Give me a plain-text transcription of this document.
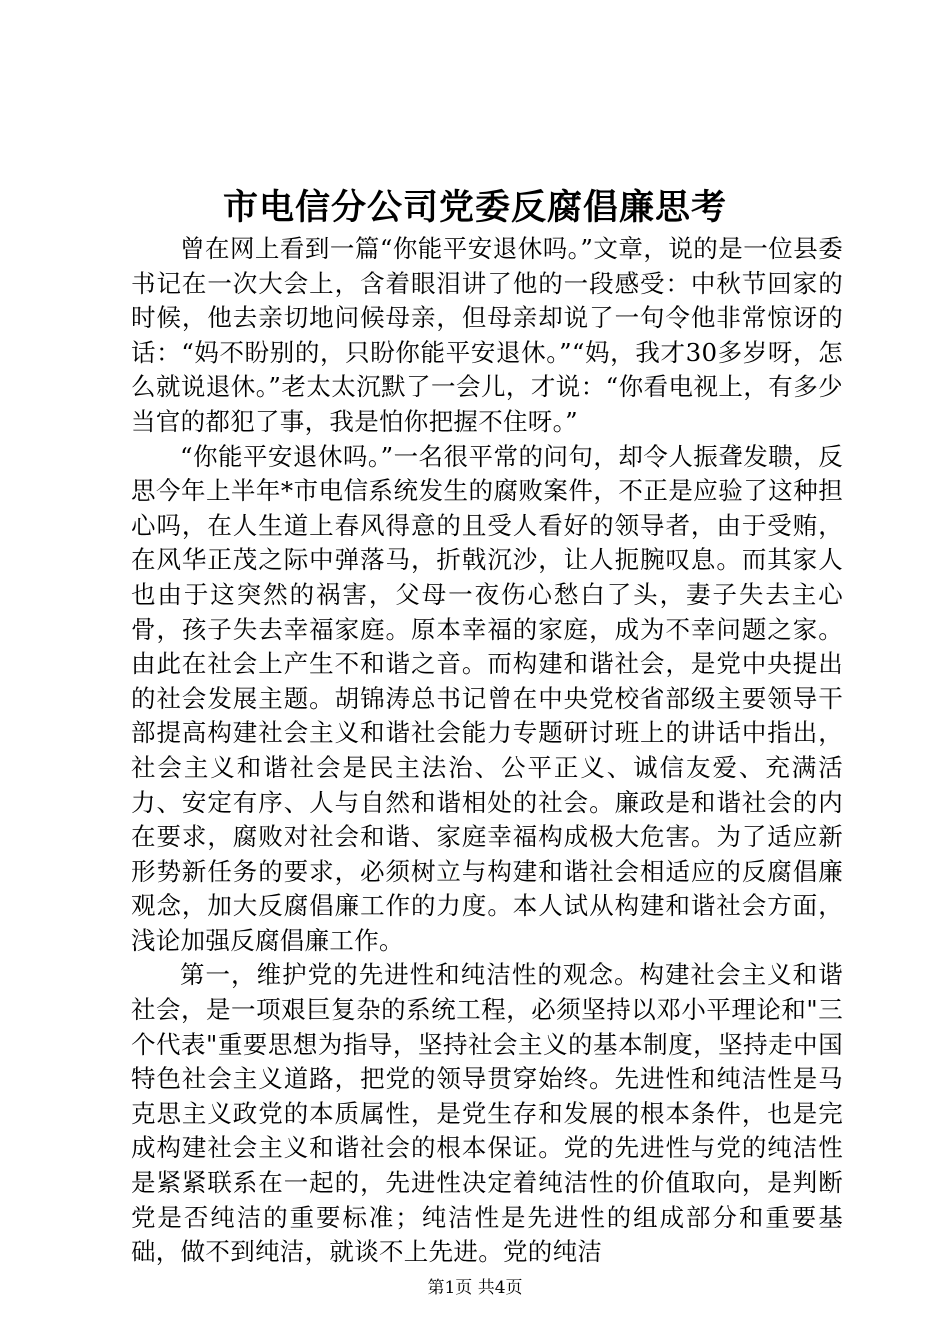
市电信分公司党委反腐倡廉思考

曾在网上看到一篇“你能平安退休吗。”文章，说的是一位县委书记在一次大会上，含着眼泪讲了他的一段感受：中秋节回家的时候，他去亲切地问候母亲，但母亲却说了一句令他非常惊讶的话：“妈不盼别的，只盼你能平安退休。”“妈，我才30多岁呀，怎么就说退休。”老太太沉默了一会儿，才说：“你看电视上，有多少当官的都犯了事，我是怕你把握不住呀。”

“你能平安退休吗。”一名很平常的问句，却令人振聋发聩，反思今年上半年*市电信系统发生的腐败案件，不正是应验了这种担心吗，在人生道上春风得意的且受人看好的领导者，由于受贿，在风华正茂之际中弹落马，折戟沉沙，让人扼腕叹息。而其家人也由于这突然的祸害，父母一夜伤心愁白了头，妻子失去主心骨，孩子失去幸福家庭。原本幸福的家庭，成为不幸问题之家。由此在社会上产生不和谐之音。而构建和谐社会，是党中央提出的社会发展主题。胡锦涛总书记曾在中央党校省部级主要领导干部提高构建社会主义和谐社会能力专题研讨班上的讲话中指出，社会主义和谐社会是民主法治、公平正义、诚信友爱、充满活力、安定有序、人与自然和谐相处的社会。廉政是和谐社会的内在要求，腐败对社会和谐、家庭幸福构成极大危害。为了适应新形势新任务的要求，必须树立与构建和谐社会相适应的反腐倡廉观念，加大反腐倡廉工作的力度。本人试从构建和谐社会方面，浅论加强反腐倡廉工作。

第一，维护党的先进性和纯洁性的观念。构建社会主义和谐社会，是一项艰巨复杂的系统工程，必须坚持以邓小平理论和"三个代表"重要思想为指导，坚持社会主义的基本制度，坚持走中国特色社会主义道路，把党的领导贯穿始终。先进性和纯洁性是马克思主义政党的本质属性，是党生存和发展的根本条件，也是完成构建社会主义和谐社会的根本保证。党的先进性与党的纯洁性是紧紧联系在一起的，先进性决定着纯洁性的价值取向，是判断党是否纯洁的重要标准；纯洁性是先进性的组成部分和重要基础，做不到纯洁，就谈不上先进。党的纯洁

第1页 共4页
